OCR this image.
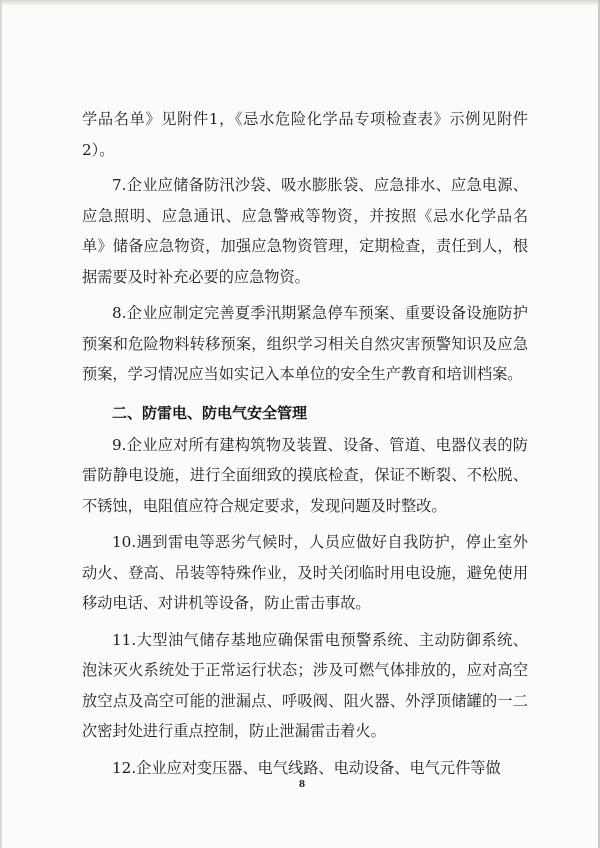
学品名单》见附件1，《忌水危险化学品专项检查表》示例见附件2）。

7.企业应储备防汛沙袋、吸水膨胀袋、应急排水、应急电源、应急照明、应急通讯、应急警戒等物资，并按照《忌水化学品名单》储备应急物资，加强应急物资管理，定期检查，责任到人，根据需要及时补充必要的应急物资。

8.企业应制定完善夏季汛期紧急停车预案、重要设备设施防护预案和危险物料转移预案，组织学习相关自然灾害预警知识及应急预案，学习情况应当如实记入本单位的安全生产教育和培训档案。

二、防雷电、防电气安全管理

9.企业应对所有建构筑物及装置、设备、管道、电器仪表的防雷防静电设施，进行全面细致的摸底检查，保证不断裂、不松脱、不锈蚀，电阻值应符合规定要求，发现问题及时整改。

10.遇到雷电等恶劣气候时，人员应做好自我防护，停止室外动火、登高、吊装等特殊作业，及时关闭临时用电设施，避免使用移动电话、对讲机等设备，防止雷击事故。

11.大型油气储存基地应确保雷电预警系统、主动防御系统、泡沫灭火系统处于正常运行状态；涉及可燃气体排放的，应对高空放空点及高空可能的泄漏点、呼吸阀、阻火器、外浮顶储罐的一二次密封处进行重点控制，防止泄漏雷击着火。

12.企业应对变压器、电气线路、电动设备、电气元件等做

8
